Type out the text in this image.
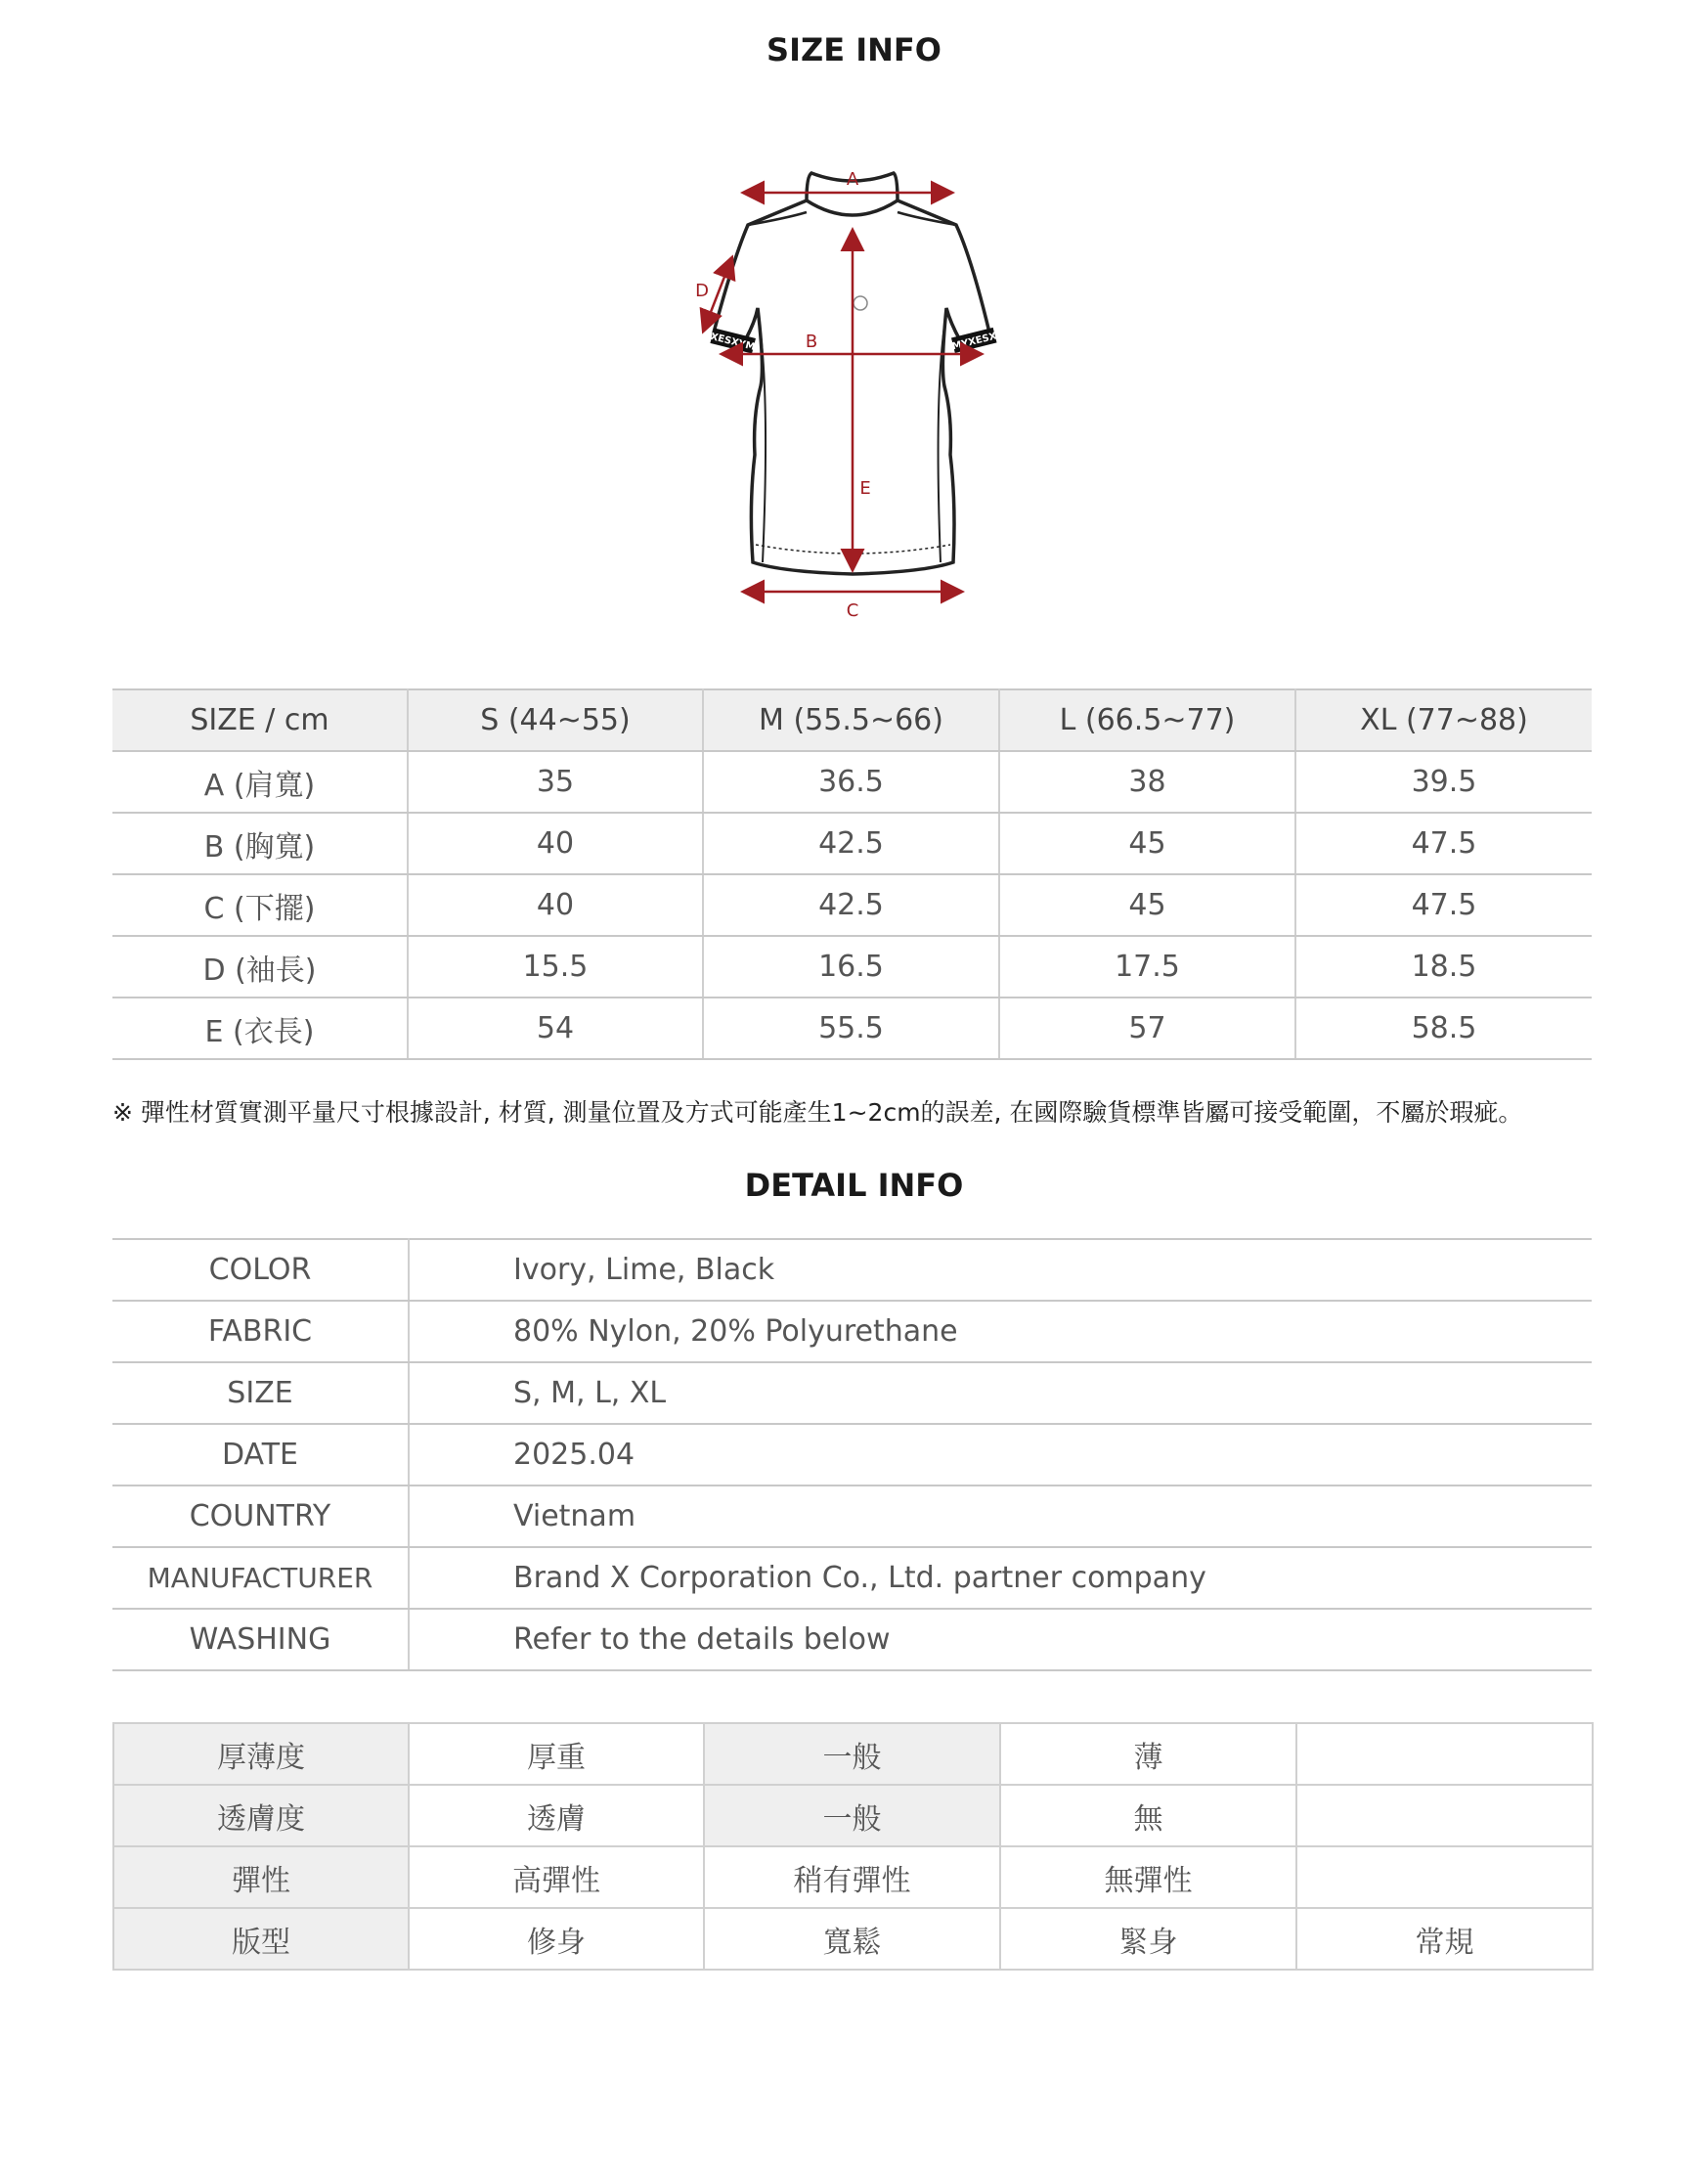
SIZE INFO
XESXYM	MYXESX
A
B
C
D
E
SIZE / cm	S (44~55)	M (55.5~66)	L (66.5~77)	XL (77~88)
A (肩寬)	35	36.5	38	39.5
B (胸寬)	40	42.5	45	47.5
C (下擺)	40	42.5	45	47.5
D (袖長)	15.5	16.5	17.5	18.5
E (衣長)	54	55.5	57	58.5
※ 彈性材質實測平量尺寸根據設計, 材質, 測量位置及方式可能產生1~2cm的誤差, 在國際驗貨標準皆屬可接受範圍，不屬於瑕疵。
DETAIL INFO
COLOR	Ivory, Lime, Black
FABRIC	80% Nylon, 20% Polyurethane
SIZE	S, M, L, XL
DATE	2025.04
COUNTRY	Vietnam
MANUFACTURER	Brand X Corporation Co., Ltd. partner company
WASHING	Refer to the details below
厚薄度	厚重	一般	薄	
透膚度	透膚	一般	無	
彈性	高彈性	稍有彈性	無彈性	
版型	修身	寬鬆	緊身	常規
